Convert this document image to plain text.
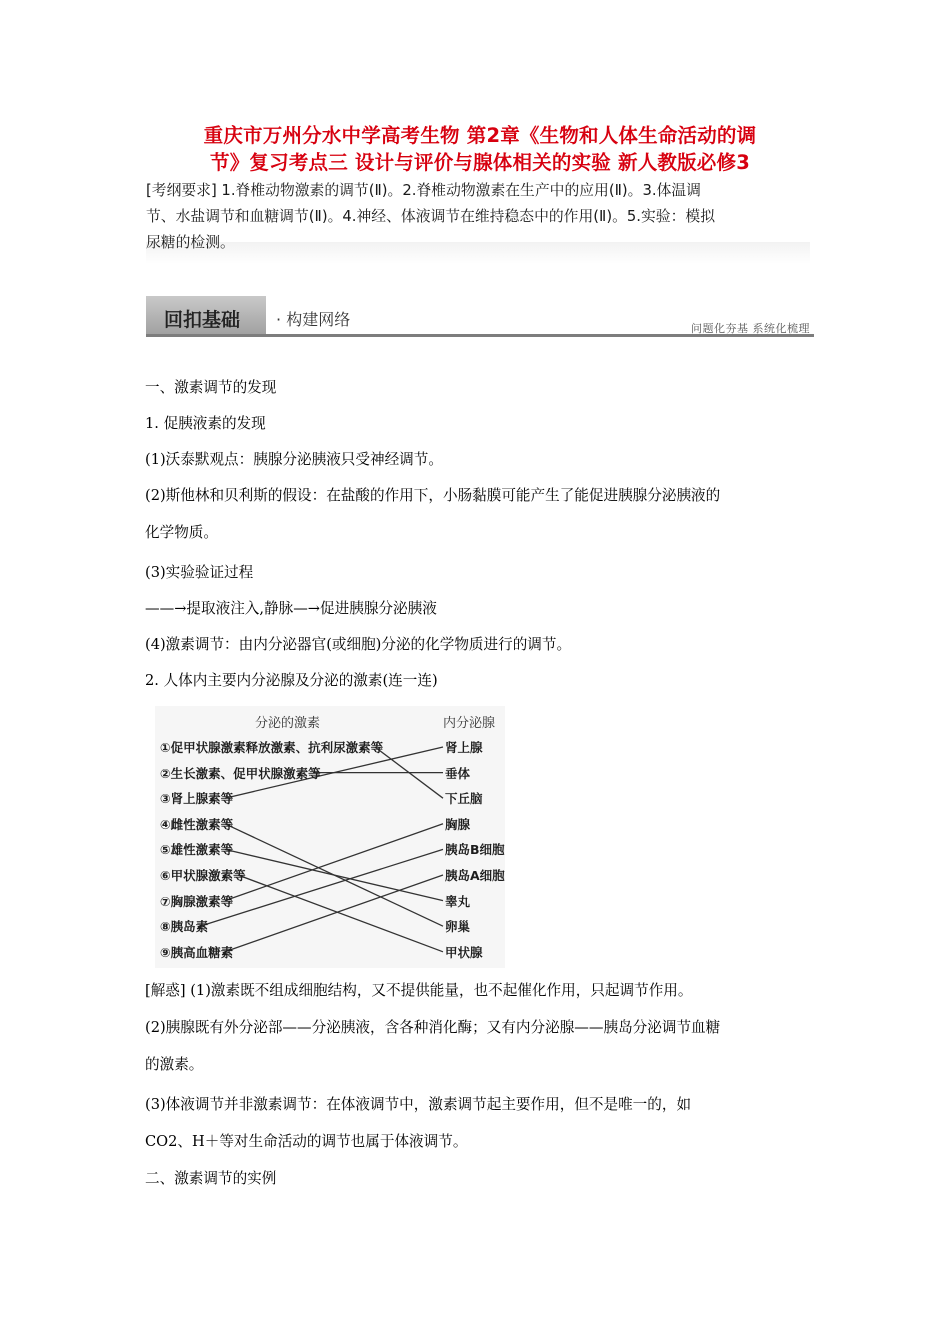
重庆市万州分水中学高考生物 第2章《生物和人体生命活动的调
节》复习考点三 设计与评价与腺体相关的实验 新人教版必修3
[考纲要求] 1.脊椎动物激素的调节(Ⅱ)。2.脊椎动物激素在生产中的应用(Ⅱ)。3.体温调
节、水盐调节和血糖调节(Ⅱ)。4.神经、体液调节在维持稳态中的作用(Ⅱ)。5.实验：模拟
尿糖的检测。
回扣基础 · 构建网络	问题化夯基 系统化梳理
一、激素调节的发现
1. 促胰液素的发现
(1)沃泰默观点：胰腺分泌胰液只受神经调节。
(2)斯他林和贝利斯的假设：在盐酸的作用下，小肠黏膜可能产生了能促进胰腺分泌胰液的
化学物质。
(3)实验验证过程
——→提取液注入,静脉—→促进胰腺分泌胰液
(4)激素调节：由内分泌器官(或细胞)分泌的化学物质进行的调节。
2. 人体内主要内分泌腺及分泌的激素(连一连)
分泌的激素	内分泌腺
①促甲状腺激素释放激素、抗利尿激素等
②生长激素、促甲状腺激素等
③肾上腺素等
④雌性激素等
⑤雄性激素等
⑥甲状腺激素等
⑦胸腺激素等
⑧胰岛素
⑨胰高血糖素
肾上腺
垂体
下丘脑
胸腺
胰岛B细胞
胰岛A细胞
睾丸
卵巢
甲状腺
[解惑] (1)激素既不组成细胞结构，又不提供能量，也不起催化作用，只起调节作用。
(2)胰腺既有外分泌部——分泌胰液，含各种消化酶；又有内分泌腺——胰岛分泌调节血糖
的激素。
(3)体液调节并非激素调节：在体液调节中，激素调节起主要作用，但不是唯一的，如
CO2、H＋等对生命活动的调节也属于体液调节。
二、激素调节的实例
